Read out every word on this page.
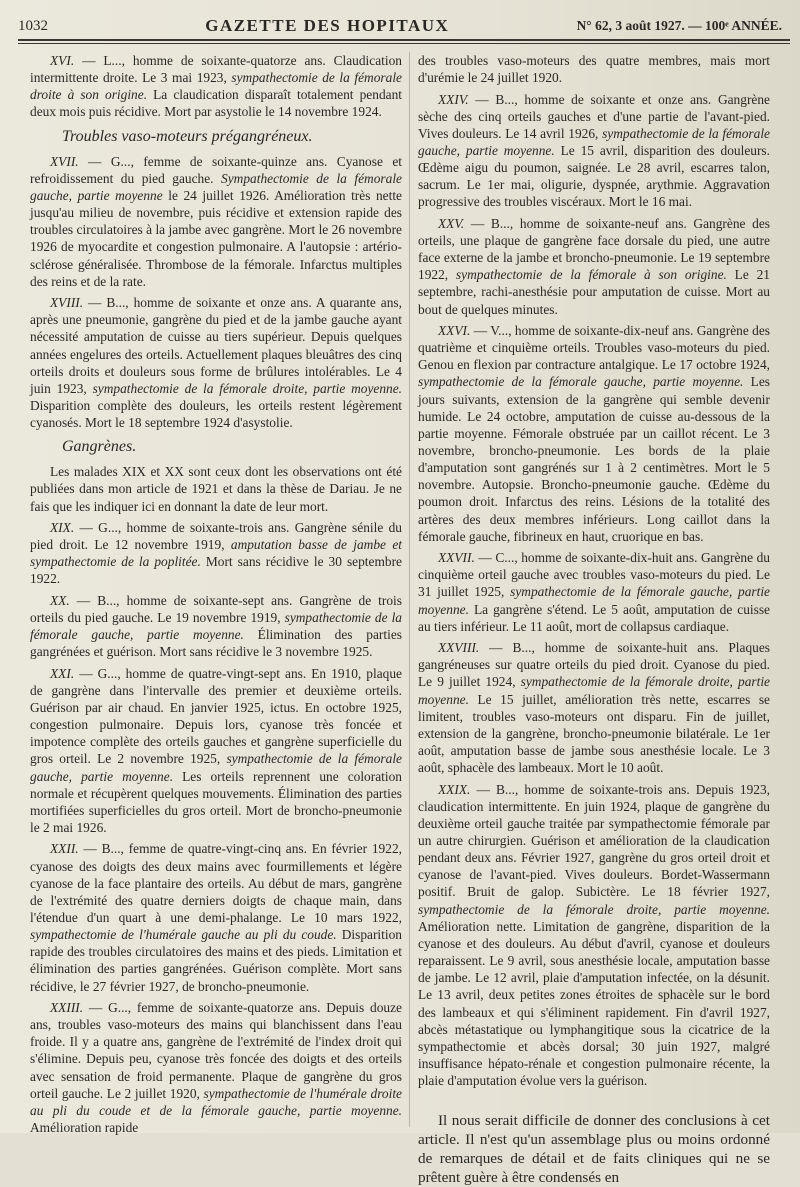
1032	GAZETTE DES HOPITAUX	N° 62, 3 août 1927. — 100ᵉ ANNÉE.

XVI. — L..., homme de soixante-quatorze ans. Claudication intermittente droite. Le 3 mai 1923, sympathectomie de la fémorale droite à son origine. La claudication disparaît totalement pendant deux mois puis récidive. Mort par asystolie le 14 novembre 1924.

Troubles vaso-moteurs prégangréneux.

XVII. — G..., femme de soixante-quinze ans. Cyanose et refroidissement du pied gauche. Sympathectomie de la fémorale gauche, partie moyenne le 24 juillet 1926. Amélioration très nette jusqu'au milieu de novembre, puis récidive et extension rapide des troubles circulatoires à la jambe avec gangrène. Mort le 26 novembre 1926 de myocardite et congestion pulmonaire. A l'autopsie : artério-sclérose généralisée. Thrombose de la fémorale. Infarctus multiples des reins et de la rate.

XVIII. — B..., homme de soixante et onze ans. A quarante ans, après une pneumonie, gangrène du pied et de la jambe gauche ayant nécessité amputation de cuisse au tiers supérieur. Depuis quelques années engelures des orteils. Actuellement plaques bleuâtres des cinq orteils droits et douleurs sous forme de brûlures intolérables. Le 4 juin 1923, sympathectomie de la fémorale droite, partie moyenne. Disparition complète des douleurs, les orteils restent légèrement cyanosés. Mort le 18 septembre 1924 d'asystolie.

Gangrènes.

Les malades XIX et XX sont ceux dont les observations ont été publiées dans mon article de 1921 et dans la thèse de Dariau. Je ne fais que les indiquer ici en donnant la date de leur mort.

XIX. — G..., homme de soixante-trois ans. Gangrène sénile du pied droit. Le 12 novembre 1919, amputation basse de jambe et sympathectomie de la poplitée. Mort sans récidive le 30 septembre 1922.

XX. — B..., homme de soixante-sept ans. Gangrène de trois orteils du pied gauche. Le 19 novembre 1919, sympathectomie de la fémorale gauche, partie moyenne. Élimination des parties gangrénées et guérison. Mort sans récidive le 3 novembre 1925.

XXI. — G..., homme de quatre-vingt-sept ans. En 1910, plaque de gangrène dans l'intervalle des premier et deuxième orteils. Guérison par air chaud. En janvier 1925, ictus. En octobre 1925, congestion pulmonaire. Depuis lors, cyanose très foncée et impotence complète des orteils gauches et gangrène superficielle du gros orteil. Le 2 novembre 1925, sympathectomie de la fémorale gauche, partie moyenne. Les orteils reprennent une coloration normale et récupèrent quelques mouvements. Élimination des parties mortifiées superficielles du gros orteil. Mort de broncho-pneumonie le 2 mai 1926.

XXII. — B..., femme de quatre-vingt-cinq ans. En février 1922, cyanose des doigts des deux mains avec fourmillements et légère cyanose de la face plantaire des orteils. Au début de mars, gangrène de l'extrémité des quatre derniers doigts de chaque main, dans l'étendue d'un quart à une demi-phalange. Le 10 mars 1922, sympathectomie de l'humérale gauche au pli du coude. Disparition rapide des troubles circulatoires des mains et des pieds. Limitation et élimination des parties gangrénées. Guérison complète. Mort sans récidive, le 27 février 1927, de broncho-pneumonie.

XXIII. — G..., femme de soixante-quatorze ans. Depuis douze ans, troubles vaso-moteurs des mains qui blanchissent dans l'eau froide. Il y a quatre ans, gangrène de l'extrémité de l'index droit qui s'élimine. Depuis peu, cyanose très foncée des doigts et des orteils avec sensation de froid permanente. Plaque de gangrène du gros orteil gauche. Le 2 juillet 1920, sympathectomie de l'humérale droite au pli du coude et de la fémorale gauche, partie moyenne. Amélioration rapide

des troubles vaso-moteurs des quatre membres, mais mort d'urémie le 24 juillet 1920.

XXIV. — B..., homme de soixante et onze ans. Gangrène sèche des cinq orteils gauches et d'une partie de l'avant-pied. Vives douleurs. Le 14 avril 1926, sympathectomie de la fémorale gauche, partie moyenne. Le 15 avril, disparition des douleurs. Œdème aigu du poumon, saignée. Le 28 avril, escarres talon, sacrum. Le 1er mai, oligurie, dyspnée, arythmie. Aggravation progressive des troubles viscéraux. Mort le 16 mai.

XXV. — B..., homme de soixante-neuf ans. Gangrène des orteils, une plaque de gangrène face dorsale du pied, une autre face externe de la jambe et broncho-pneumonie. Le 19 septembre 1922, sympathectomie de la fémorale à son origine. Le 21 septembre, rachi-anesthésie pour amputation de cuisse. Mort au bout de quelques minutes.

XXVI. — V..., homme de soixante-dix-neuf ans. Gangrène des quatrième et cinquième orteils. Troubles vaso-moteurs du pied. Genou en flexion par contracture antalgique. Le 17 octobre 1924, sympathectomie de la fémorale gauche, partie moyenne. Les jours suivants, extension de la gangrène qui semble devenir humide. Le 24 octobre, amputation de cuisse au-dessous de la partie moyenne. Fémorale obstruée par un caillot récent. Le 3 novembre, broncho-pneumonie. Les bords de la plaie d'amputation sont gangrénés sur 1 à 2 centimètres. Mort le 5 novembre. Autopsie. Broncho-pneumonie gauche. Œdème du poumon droit. Infarctus des reins. Lésions de la totalité des artères des deux membres inférieurs. Long caillot dans la fémorale gauche, fibrineux en haut, cruorique en bas.

XXVII. — C..., homme de soixante-dix-huit ans. Gangrène du cinquième orteil gauche avec troubles vaso-moteurs du pied. Le 31 juillet 1925, sympathectomie de la fémorale gauche, partie moyenne. La gangrène s'étend. Le 5 août, amputation de cuisse au tiers inférieur. Le 11 août, mort de collapsus cardiaque.

XXVIII. — B..., homme de soixante-huit ans. Plaques gangréneuses sur quatre orteils du pied droit. Cyanose du pied. Le 9 juillet 1924, sympathectomie de la fémorale droite, partie moyenne. Le 15 juillet, amélioration très nette, escarres se limitent, troubles vaso-moteurs ont disparu. Fin de juillet, extension de la gangrène, broncho-pneumonie bilatérale. Le 1er août, amputation basse de jambe sous anesthésie locale. Le 3 août, sphacèle des lambeaux. Mort le 10 août.

XXIX. — B..., homme de soixante-trois ans. Depuis 1923, claudication intermittente. En juin 1924, plaque de gangrène du deuxième orteil gauche traitée par sympathectomie fémorale par un autre chirurgien. Guérison et amélioration de la claudication pendant deux ans. Février 1927, gangrène du gros orteil droit et cyanose de l'avant-pied. Vives douleurs. Bordet-Wassermann positif. Bruit de galop. Subictère. Le 18 février 1927, sympathectomie de la fémorale droite, partie moyenne. Amélioration nette. Limitation de gangrène, disparition de la cyanose et des douleurs. Au début d'avril, cyanose et douleurs reparaissent. Le 9 avril, sous anesthésie locale, amputation basse de jambe. Le 12 avril, plaie d'amputation infectée, on la désunit. Le 13 avril, deux petites zones étroites de sphacèle sur le bord des lambeaux et qui s'éliminent rapidement. Fin d'avril 1927, abcès métastatique ou lymphangitique sous la cicatrice de la sympathectomie et abcès dorsal; 30 juin 1927, malgré insuffisance hépato-rénale et congestion pulmonaire récente, la plaie d'amputation évolue vers la guérison.

Il nous serait difficile de donner des conclusions à cet article. Il n'est qu'un assemblage plus ou moins ordonné de remarques de détail et de faits cliniques qui ne se prêtent guère à être condensés en
